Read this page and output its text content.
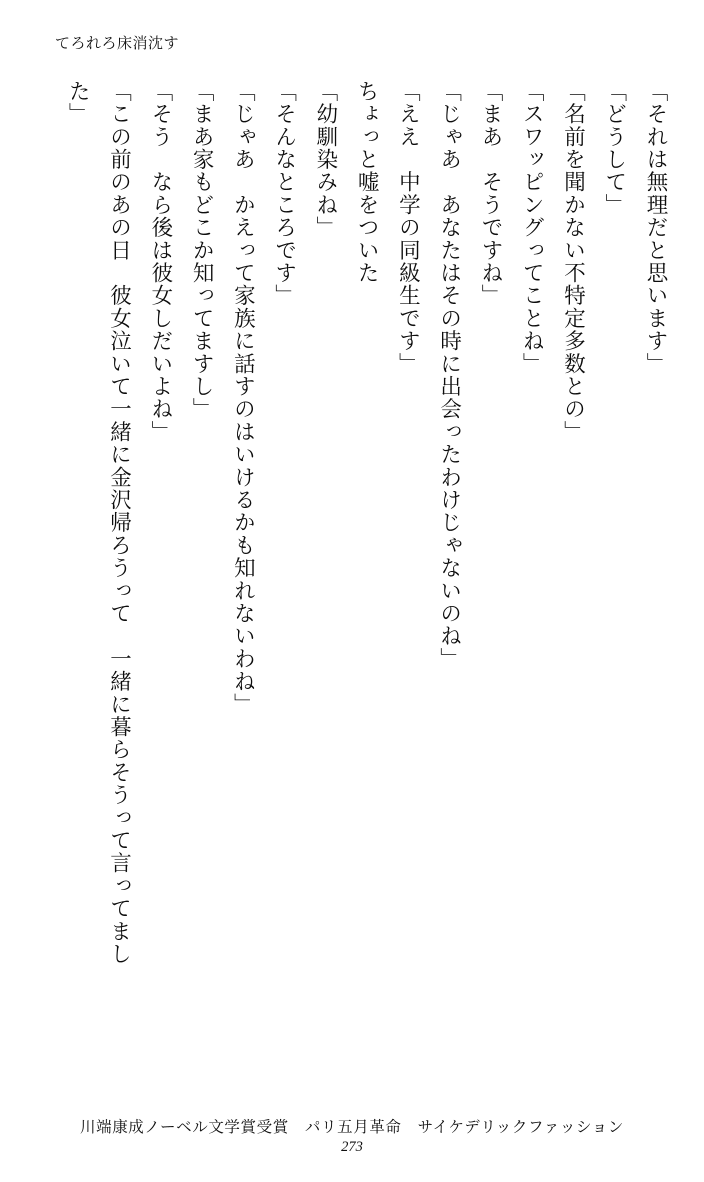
てろれろ床消沈す

「それは無理だと思います」

「どうして」

「名前を聞かない不特定多数との」

「スワッピングってことね」

「まあ　そうですね」

「じゃあ　あなたはその時に出会ったわけじゃないのね」

「ええ　中学の同級生です」

ちょっと嘘をついた

「幼馴染みね」

「そんなところです」

「じゃあ　かえって家族に話すのはいけるかも知れないわね」

「まあ家もどこか知ってますし」

「そう　なら後は彼女しだいよね」

「この前のあの日　彼女泣いて一緒に金沢帰ろうって　一緒に暮らそうって言ってまし

た」

川端康成ノーベル文学賞受賞　パリ五月革命　サイケデリックファッション
273
